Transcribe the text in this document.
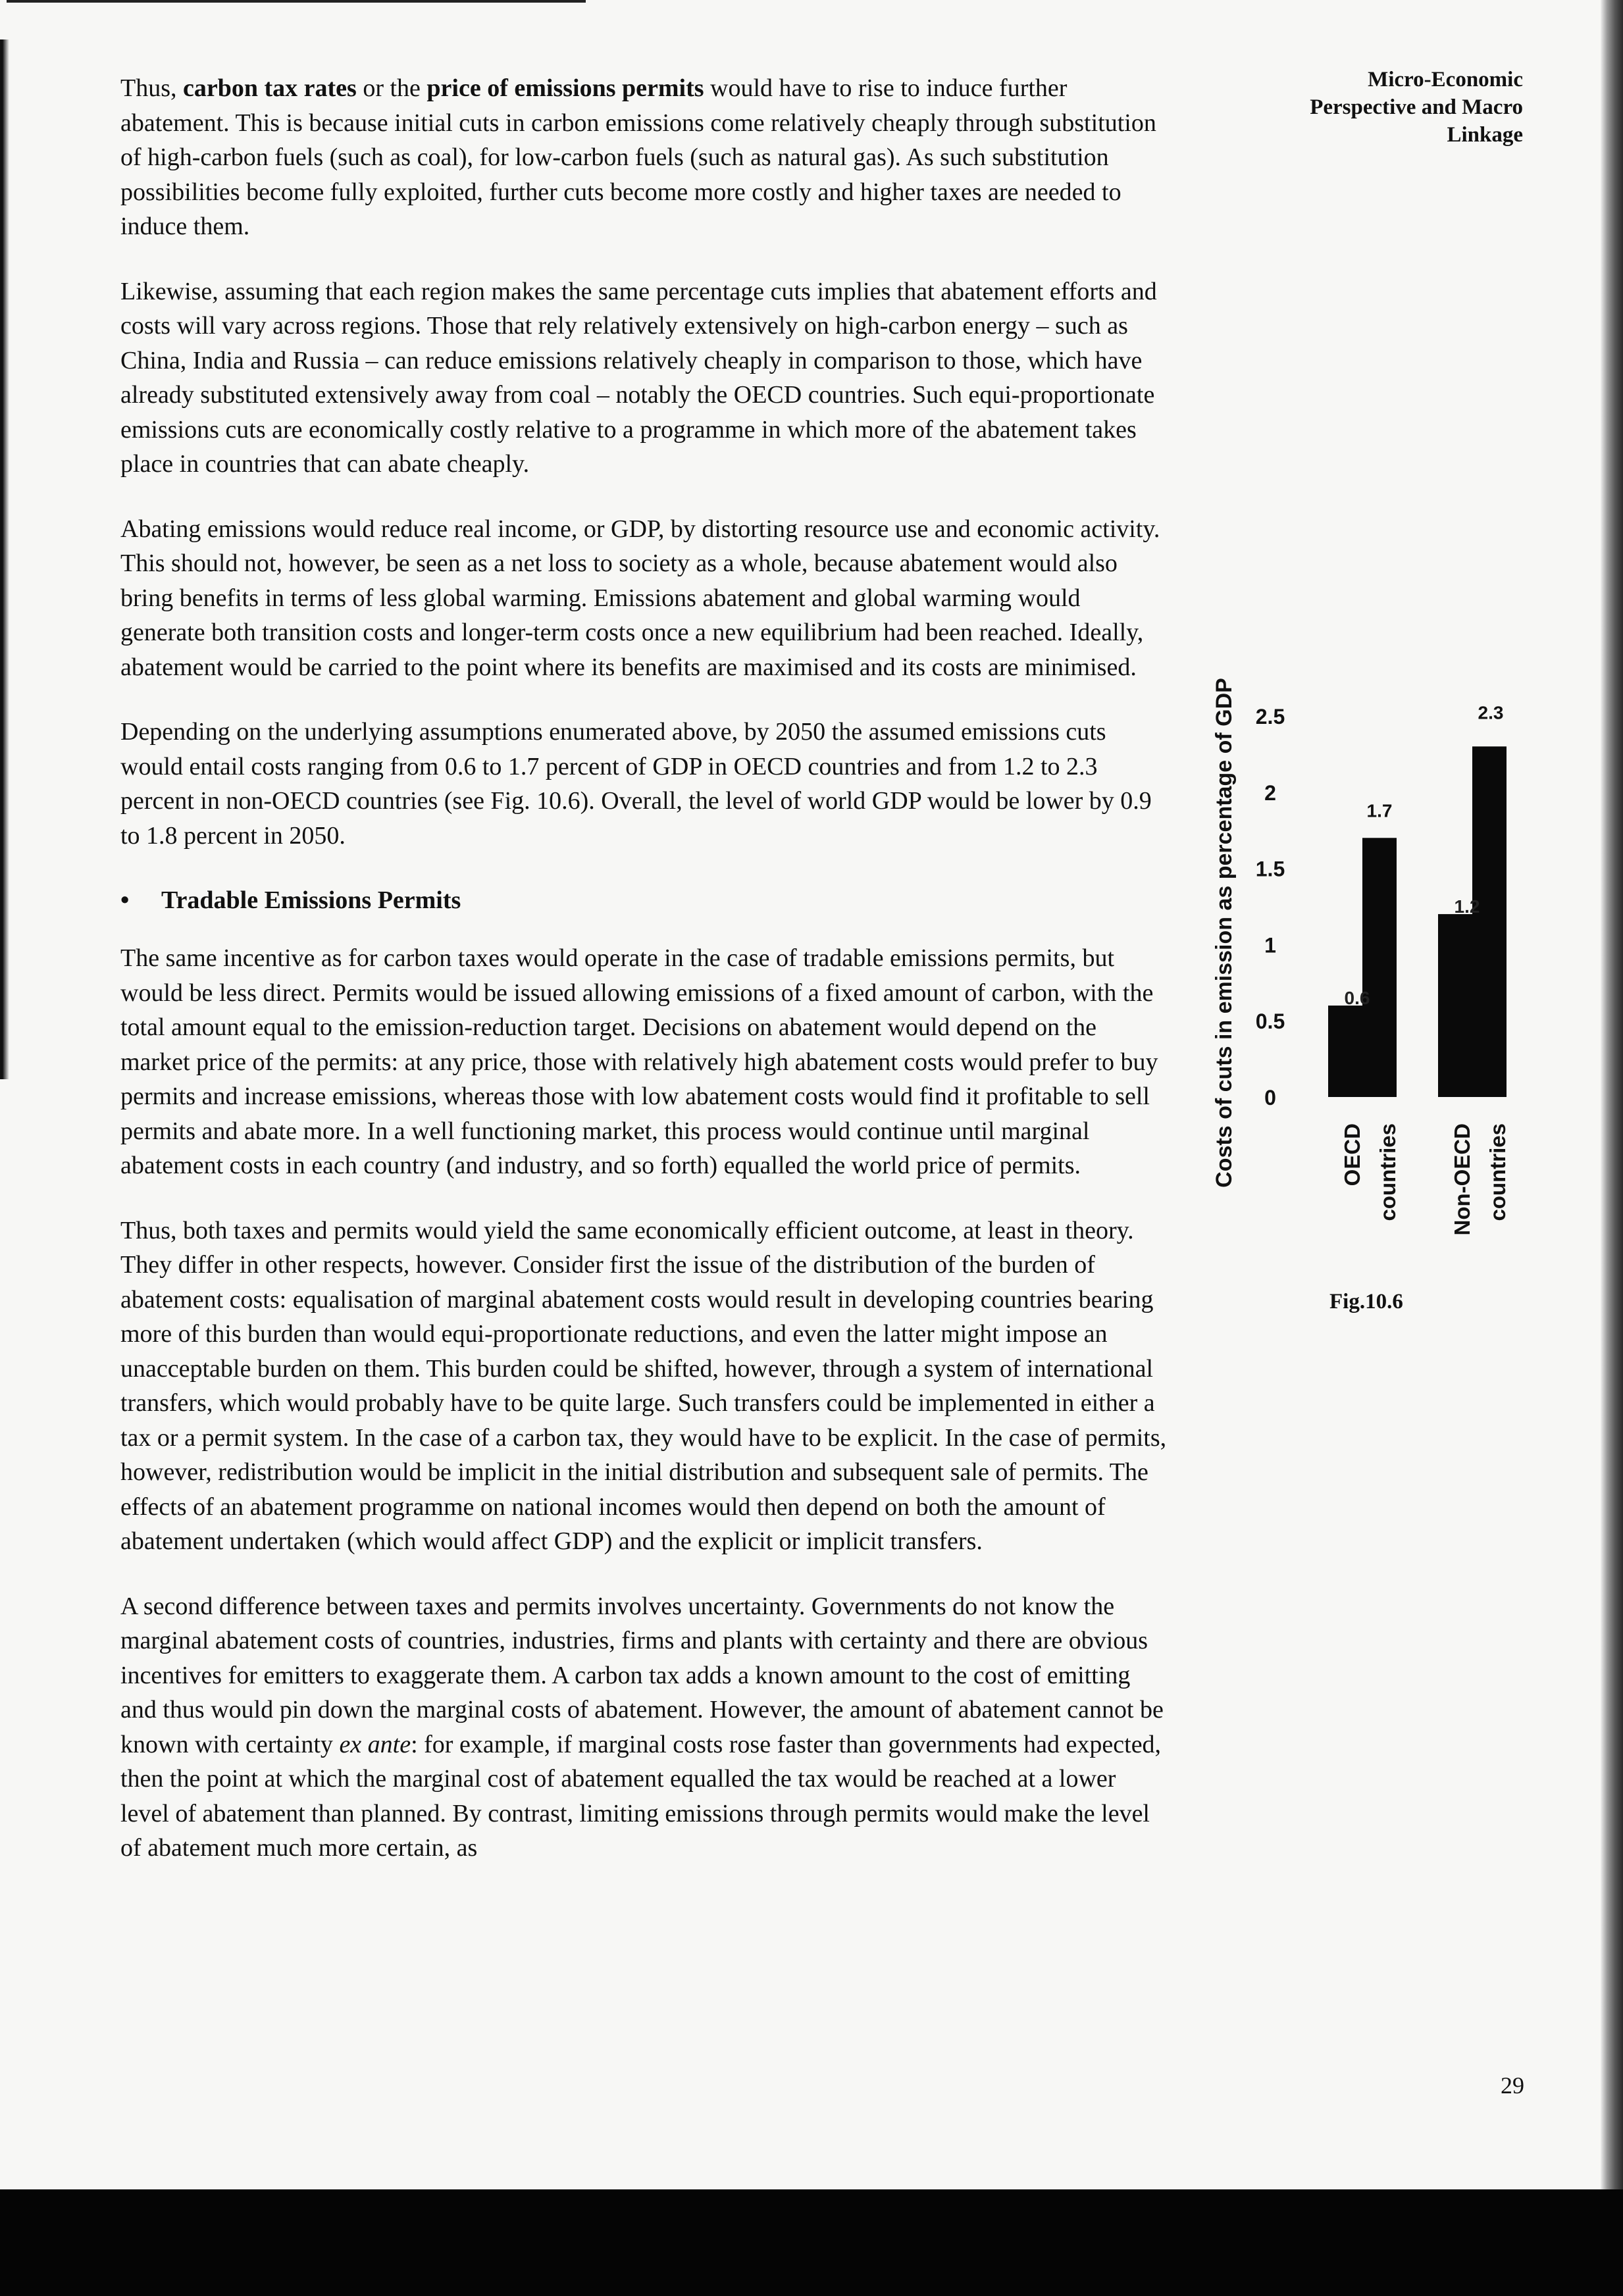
Micro-Economic
Perspective and Macro
Linkage

Thus, carbon tax rates or the price of emissions permits would have to rise to induce further abatement. This is because initial cuts in carbon emissions come relatively cheaply through substitution of high-carbon fuels (such as coal), for low-carbon fuels (such as natural gas). As such substitution possibilities become fully exploited, further cuts become more costly and higher taxes are needed to induce them.

Likewise, assuming that each region makes the same percentage cuts implies that abatement efforts and costs will vary across regions. Those that rely relatively extensively on high-carbon energy – such as China, India and Russia – can reduce emissions relatively cheaply in comparison to those, which have already substituted extensively away from coal – notably the OECD countries. Such equi-proportionate emissions cuts are economically costly relative to a programme in which more of the abatement takes place in countries that can abate cheaply.

Abating emissions would reduce real income, or GDP, by distorting resource use and economic activity. This should not, however, be seen as a net loss to society as a whole, because abatement would also bring benefits in terms of less global warming. Emissions abatement and global warming would generate both transition costs and longer-term costs once a new equilibrium had been reached. Ideally, abatement would be carried to the point where its benefits are maximised and its costs are minimised.

Depending on the underlying assumptions enumerated above, by 2050 the assumed emissions cuts would entail costs ranging from 0.6 to 1.7 percent of GDP in OECD countries and from 1.2 to 2.3 percent in non-OECD countries (see Fig. 10.6). Overall, the level of world GDP would be lower by 0.9 to 1.8 percent in 2050.

• Tradable Emissions Permits

The same incentive as for carbon taxes would operate in the case of tradable emissions permits, but would be less direct. Permits would be issued allowing emissions of a fixed amount of carbon, with the total amount equal to the emission-reduction target. Decisions on abatement would depend on the market price of the permits: at any price, those with relatively high abatement costs would prefer to buy permits and increase emissions, whereas those with low abatement costs would find it profitable to sell permits and abate more. In a well functioning market, this process would continue until marginal abatement costs in each country (and industry, and so forth) equalled the world price of permits.

Thus, both taxes and permits would yield the same economically efficient outcome, at least in theory. They differ in other respects, however. Consider first the issue of the distribution of the burden of abatement costs: equalisation of marginal abatement costs would result in developing countries bearing more of this burden than would equi-proportionate reductions, and even the latter might impose an unacceptable burden on them. This burden could be shifted, however, through a system of international transfers, which would probably have to be quite large. Such transfers could be implemented in either a tax or a permit system. In the case of a carbon tax, they would have to be explicit. In the case of permits, however, redistribution would be implicit in the initial distribution and subsequent sale of permits. The effects of an abatement programme on national incomes would then depend on both the amount of abatement undertaken (which would affect GDP) and the explicit or implicit transfers.

A second difference between taxes and permits involves uncertainty. Governments do not know the marginal abatement costs of countries, industries, firms and plants with certainty and there are obvious incentives for emitters to exaggerate them. A carbon tax adds a known amount to the cost of emitting and thus would pin down the marginal costs of abatement. However, the amount of abatement cannot be known with certainty ex ante: for example, if marginal costs rose faster than governments had expected, then the point at which the marginal cost of abatement equalled the tax would be reached at a lower level of abatement than planned. By contrast, limiting emissions through permits would make the level of abatement much more certain, as

Costs of cuts in emission as percentage of GDP	0
0.5
1
1.5
2
2.5
0.6
1.7
OECD countries
1.2
2.3
Non-OECD countries
Fig.10.6
29
